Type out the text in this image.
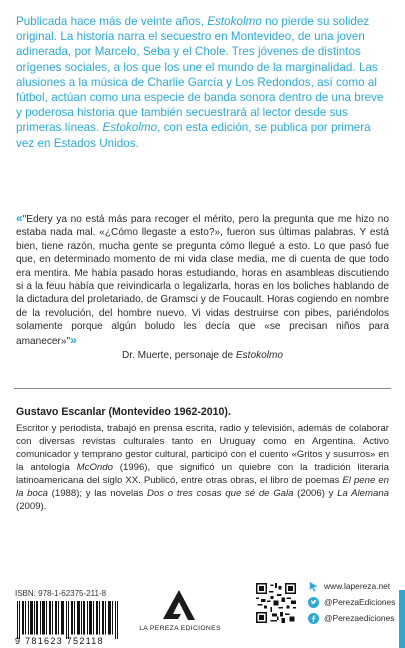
Publicada hace más de veinte años, Estokolmo no pierde su solidez original. La historia narra el secuestro en Montevideo, de una joven adinerada, por Marcelo, Seba y el Chole. Tres jóvenes de distintos orígenes sociales, a los que los une el mundo de la marginalidad. Las alusiones a la música de Charlie García y Los Redondos, así como al fútbol, actúan como una especie de banda sonora dentro de una breve y poderosa historia que también secuestrará al lector desde sus primeras líneas. Estokolmo, con esta edición, se publica por primera vez en Estados Unidos.

«"Edery ya no está más para recoger el mérito, pero la pregunta que me hizo no estaba nada mal. «¿Cómo llegaste a esto?», fueron sus últimas palabras. Y está bien, tiene razón, mucha gente se pregunta cómo llegué a esto. Lo que pasó fue que, en determinado momento de mi vida clase media, me di cuenta de que todo era mentira. Me había pasado horas estudiando, horas en asambleas discutiendo si a la feuu había que reivindicarla o legalizarla, horas en los boliches hablando de la dictadura del proletariado, de Gramsci y de Foucault. Horas cogiendo en nombre de la revolución, del hombre nuevo. Vi vidas destruirse con pibes, pariéndolos solamente porque algún boludo les decía que «se precisan niños para amanecer»"»

Dr. Muerte, personaje de Estokolmo

Gustavo Escanlar (Montevideo 1962-2010).

Escritor y periodista, trabajó en prensa escrita, radio y televisión, además de colaborar con diversas revistas culturales tanto en Uruguay como en Argentina. Activo comunicador y temprano gestor cultural, participó con el cuento «Gritos y susurros» en la antología McOndo (1996), que significó un quiebre con la tradición literaria latinoamericana del siglo XX. Publicó, entre otras obras, el libro de poemas El pene en la boca (1988); y las novelas Dos o tres cosas que sé de Gala (2006) y La Alemana (2009).

ISBN: 978-1-62375-211-8
9 781623 752118
LA PEREZA EDICIONES
www.lapereza.net
@PerezaEdiciones
@Perezaediciones
